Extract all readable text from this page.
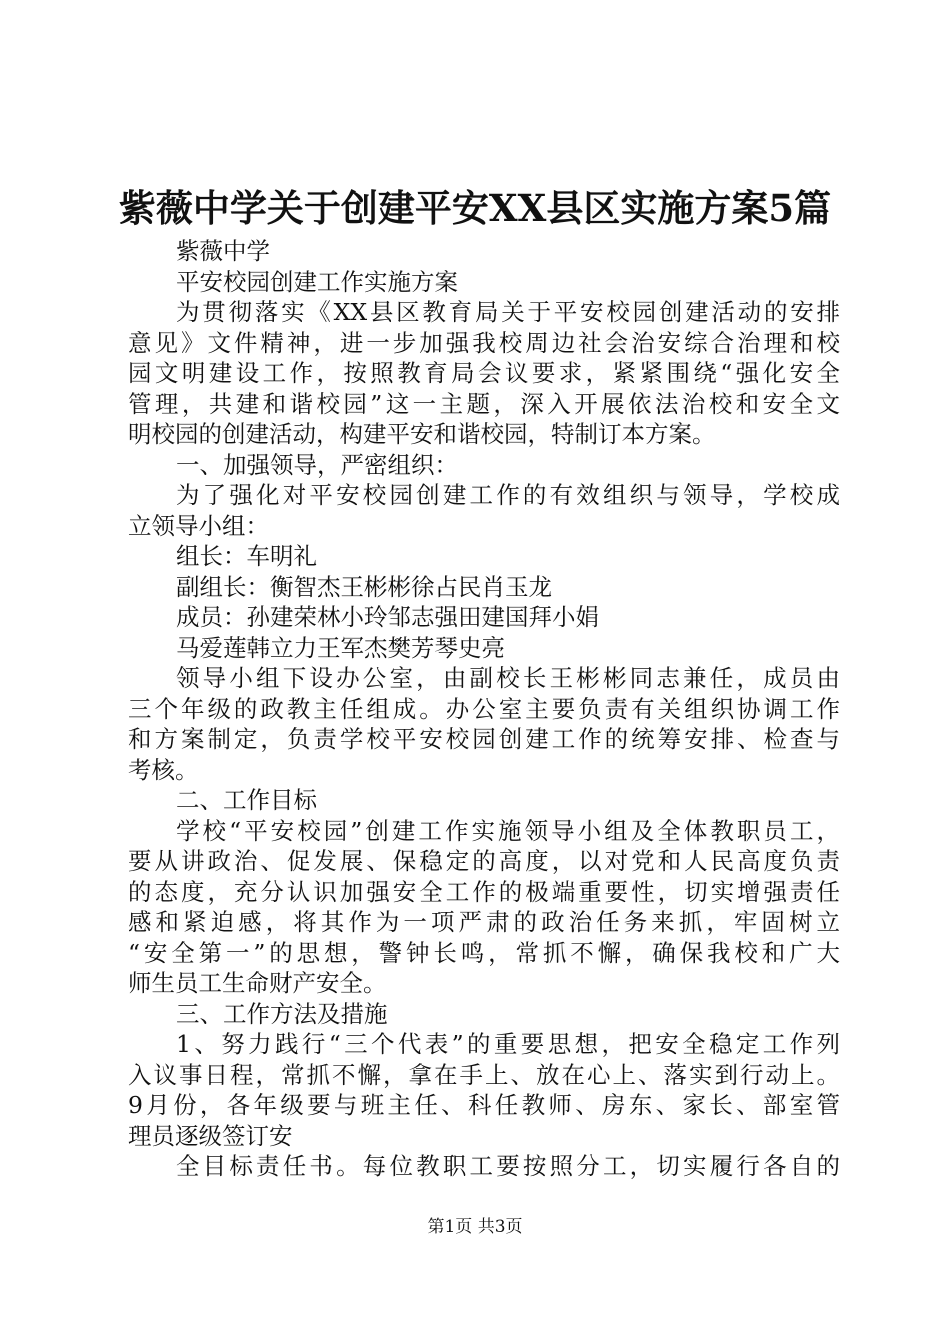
紫薇中学关于创建平安XX县区实施方案5篇
紫薇中学
平安校园创建工作实施方案
为贯彻落实《XX县区教育局关于平安校园创建活动的安排
意见》文件精神，进一步加强我校周边社会治安综合治理和校
园文明建设工作，按照教育局会议要求，紧紧围绕“强化安全
管理，共建和谐校园”这一主题，深入开展依法治校和安全文
明校园的创建活动，构建平安和谐校园，特制订本方案。
一、加强领导，严密组织：
为了强化对平安校园创建工作的有效组织与领导，学校成
立领导小组：
组长：车明礼
副组长：衡智杰王彬彬徐占民肖玉龙
成员：孙建荣林小玲邹志强田建国拜小娟
马爱莲韩立力王军杰樊芳琴史亮
领导小组下设办公室，由副校长王彬彬同志兼任，成员由
三个年级的政教主任组成。办公室主要负责有关组织协调工作
和方案制定，负责学校平安校园创建工作的统筹安排、检查与
考核。
二、工作目标
学校“平安校园”创建工作实施领导小组及全体教职员工，
要从讲政治、促发展、保稳定的高度，以对党和人民高度负责
的态度，充分认识加强安全工作的极端重要性，切实增强责任
感和紧迫感，将其作为一项严肃的政治任务来抓，牢固树立
“安全第一”的思想，警钟长鸣，常抓不懈，确保我校和广大
师生员工生命财产安全。
三、工作方法及措施
1、努力践行“三个代表”的重要思想，把安全稳定工作列
入议事日程，常抓不懈，拿在手上、放在心上、落实到行动上。
9月份，各年级要与班主任、科任教师、房东、家长、部室管
理员逐级签订安
全目标责任书。每位教职工要按照分工，切实履行各自的
第1页 共3页
